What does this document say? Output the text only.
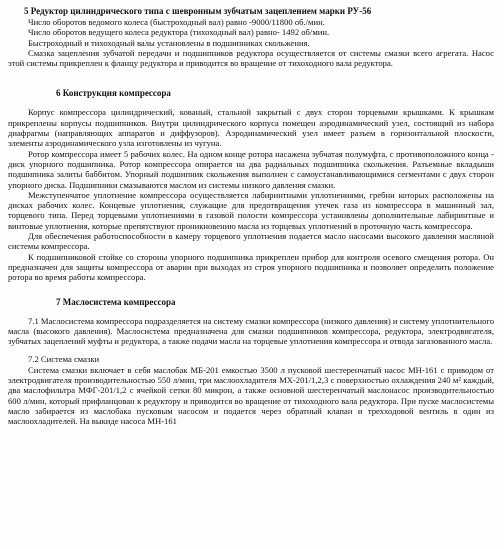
5 Редуктор цилиндрического типа с шевронным зубчатым зацеплением марки РУ-56

Число оборотов ведомого колеса (быстроходный вал) равно -9000/11800 об./мин.

Число оборотов ведущего колеса редуктора (тихоходный вал) равно- 1492 об/мин.

Быстроходный и тихоходный валы установлены в подшипниках скольжения.

Смазка зацепления зубчатой передачи и подшипников редуктора осуществляется от системы смазки всего агрегата. Насос этой системы прикреплен к фланцу редуктора и приводится во вращение от тихоходного вала редуктора.

6 Конструкция компрессора

Корпус компрессора цилиндрический, кованый, стальной закрытый с двух сторон торцевыми крышками. К крышкам прикреплены корпусы подшипников. Внутри цилиндрического корпуса помещен аэродинамический узел, состоящий из набора диафрагмы (направляющих аппаратов и диффузоров). Аэродинамический узел имеет разъем в горизонтальной плоскости, элементы аэродинамического узла изготовлены из чугуна.

Ротор компрессора имеет 5 рабочих колес. На одном конце ротора насажена зубчатая полумуфта, с противоположного конца - диск упорного подшипника. Ротор компрессора опирается на два радиальных подшипника скольжения. Разъемные вкладыши подшипника залиты баббитом. Упорный подшипник скольжения выполнен с самоустанавливающимися сегментами с двух сторон упорного диска. Подшипники смазываются маслом из системы низкого давления смазки.

Межступенчатое уплотнение компрессора осуществляется лабиринтными уплотнениями, гребни которых расположены на дисках рабочих колес. Концевые уплотнения, служащие для предотвращения утечек газа из компрессора в машинный зал, торцевого типа. Перед торцевыми уплотнениями в газовой полости компрессора установлены дополнительные лабиринтные и винтовые уплотнения, которые препятствуют проникновению масла из торцевых уплотнений в проточную часть компрессора.

Для обеспечения работоспособности в камеру торцевого уплотнения подается масло насосами высокого давления масляной системы компрессора.

К подшипниковой стойке со стороны упорного подшипника прикреплен прибор для контроля осевого смещения ротора. Он предназначен для защиты компрессора от аварии при выходах из строя упорного подшипника и позволяет определить положение ротора во время работы компрессора.

7 Маслосистема компрессора

7.1 Маслосистема компрессора подразделяется на систему смазки компрессора (низкого давления) и систему уплотнительного масла (высокого давления). Маслосистема предназначена для смазки подшипников компрессора, редуктора, электродвигателя, зубчатых зацеплений муфты и редуктора, а также подачи масла на торцевые уплотнения компрессора и отвода загазованного масла.

7.2 Система смазки

Система смазки включает в себя маслобак МБ-201 емкостью 3500 л пусковой шестеренчатый насос МН-161 с приводом от электродвигателя производительностью 550 л/мин, три маслоохладителя МХ-201/1,2,3 с поверхностью охлаждения 240 м² каждый, два маслофильтра МФГ-201/1,2 с ячейкой сетки 80 микрон, а также основной шестеренчатый маслонасос производительностью 600 л/мин, который прифланцован к редуктору и приводится во вращение от тихоходного вала редуктора. При пуске маслосистемы масло забирается из маслобака пусковым насосом и подается через обратный клапан и трехходовой вентиль в один из маслоохладителей. На выкиде насоса МН-161
